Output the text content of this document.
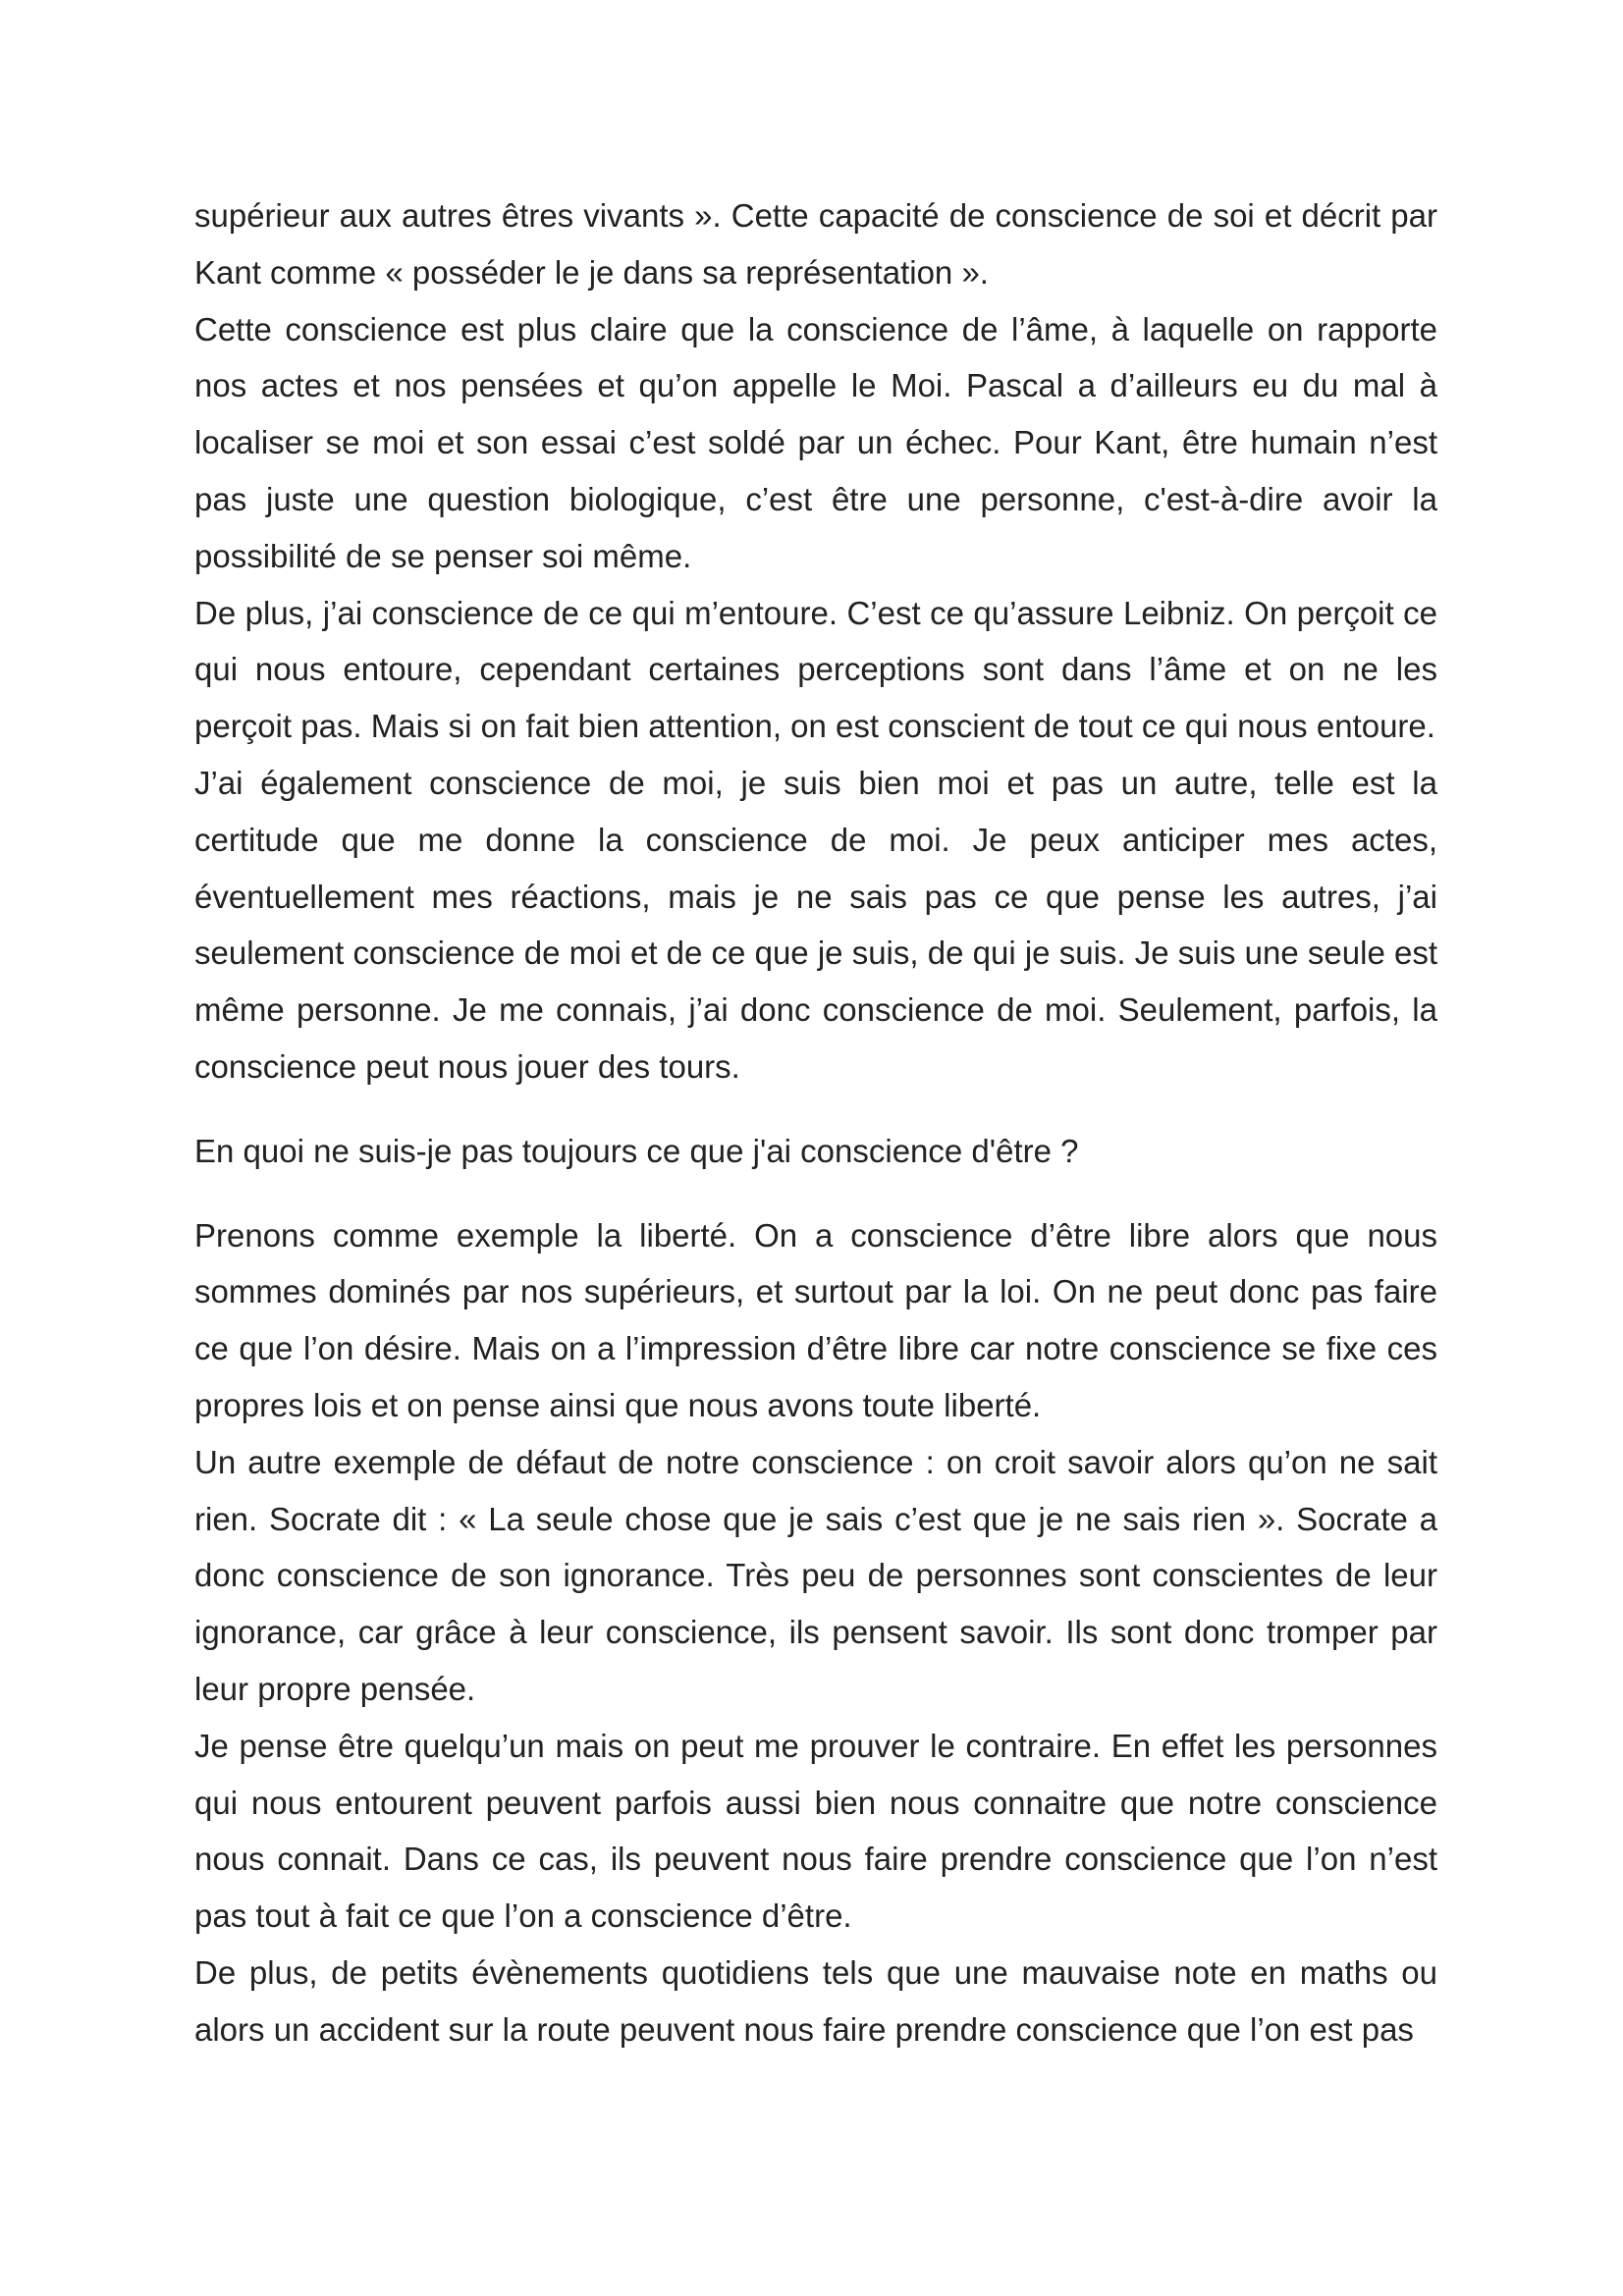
supérieur aux autres êtres vivants ». Cette capacité de conscience de soi et décrit par Kant comme « posséder le je dans sa représentation ».

Cette conscience est plus claire que la conscience de l’âme, à laquelle on rapporte nos actes et nos pensées et qu’on appelle le Moi. Pascal a d’ailleurs eu du mal à localiser se moi et son essai c’est soldé par un échec. Pour Kant, être humain n’est pas juste une question biologique, c’est être une personne, c'est-à-dire avoir la possibilité de se penser soi même.

De plus, j’ai conscience de ce qui m’entoure. C’est ce qu’assure Leibniz. On perçoit ce qui nous entoure, cependant certaines perceptions sont dans l’âme et on ne les perçoit pas. Mais si on fait bien attention, on est conscient de tout ce qui nous entoure.

J’ai également conscience de moi, je suis bien moi et pas un autre, telle est la certitude que me donne la conscience de moi. Je peux anticiper mes actes, éventuellement mes réactions, mais je ne sais pas ce que pense les autres, j’ai seulement conscience de moi et de ce que je suis, de qui je suis. Je suis une seule est même personne. Je me connais, j’ai donc conscience de moi. Seulement, parfois, la conscience peut nous jouer des tours.

En quoi ne suis-je pas toujours ce que j'ai conscience d'être ?

Prenons comme exemple la liberté. On a conscience d’être libre alors que nous sommes dominés par nos supérieurs, et surtout par la loi. On ne peut donc pas faire ce que l’on désire. Mais on a l’impression d’être libre car notre conscience se fixe ces propres lois et on pense ainsi que nous avons toute liberté.

Un autre exemple de défaut de notre conscience : on croit savoir alors qu’on ne sait rien. Socrate dit : « La seule chose que je sais c’est que je ne sais rien ». Socrate a donc conscience de son ignorance. Très peu de personnes sont conscientes de leur ignorance, car grâce à leur conscience, ils pensent savoir. Ils sont donc tromper par leur propre pensée.

Je pense être quelqu’un mais on peut me prouver le contraire. En effet les personnes qui nous entourent peuvent parfois aussi bien nous connaitre que notre conscience nous connait. Dans ce cas, ils peuvent nous faire prendre conscience que l’on n’est pas tout à fait ce que l’on a conscience d’être.

De plus, de petits évènements quotidiens tels que une mauvaise note en maths ou alors un accident sur la route peuvent nous faire prendre conscience que l’on est pas
